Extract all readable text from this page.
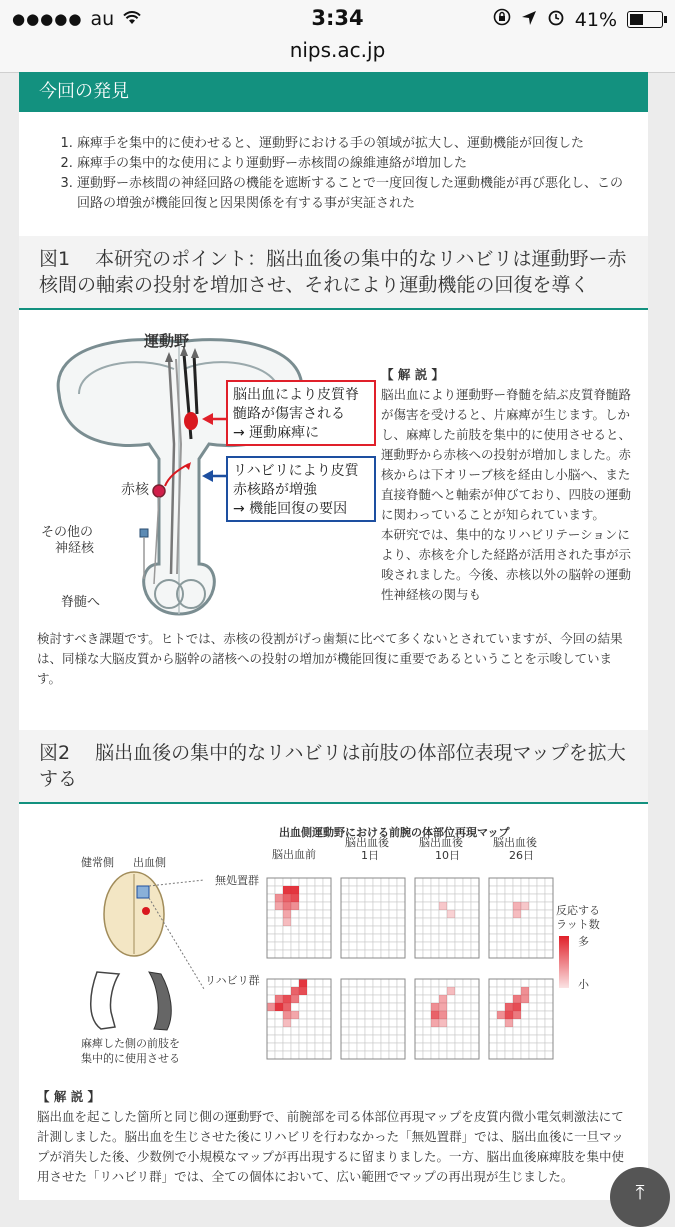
●●●●● au	3:34	41%
nips.ac.jp
今回の発見
1. 麻痺手を集中的に使わせると、運動野における手の領域が拡大し、運動機能が回復した
2. 麻痺手の集中的な使用により運動野ー赤核間の線維連絡が増加した
3. 運動野ー赤核間の神経回路の機能を遮断することで一度回復した運動機能が再び悪化し、この回路の増強が機能回復と因果関係を有する事が実証された
図1　 本研究のポイント：脳出血後の集中的なリハビリは運動野ー赤核間の軸索の投射を増加させ、それにより運動機能の回復を導く
運動野
脳出血により皮質脊
髄路が傷害される
→ 運動麻痺に
リハビリにより皮質
赤核路が増強
→ 機能回復の要因
赤核
その他の
神経核
脊髄へ
【 解 説 】
脳出血により運動野ー脊髄を結ぶ皮質脊髄路が傷害を受けると、片麻痺が生じます。しかし、麻痺した前肢を集中的に使用させると、運動野から赤核への投射が増加しました。赤核からは下オリーブ核を経由し小脳へ、また直接脊髄へと軸索が伸びており、四肢の運動に関わっていることが知られています。
本研究では、集中的なリハビリテーションにより、赤核を介した経路が活用された事が示唆されました。今後、赤核以外の脳幹の運動性神経核の関与も
検討すべき課題です。ヒトでは、赤核の役割がげっ歯類に比べて多くないとされていますが、今回の結果は、同様な大脳皮質から脳幹の諸核への投射の増加が機能回復に重要であるということを示唆しています。
図2　 脳出血後の集中的なリハビリは前肢の体部位表現マップを拡大する
出血側運動野における前腕の体部位再現マップ
健常側 出血側
無処置群
リハビリ群
麻痺した側の前肢を
集中的に使用させる
脳出血前
脳出血後
1日
脳出血後
10日
脳出血後
26日
反応する
ラット数
多
小
【 解 説 】
脳出血を起こした箇所と同じ側の運動野で、前腕部を司る体部位再現マップを皮質内微小電気刺激法にて計測しました。脳出血を生じさせた後にリハビリを行わなかった「無処置群」では、脳出血後に一旦マップが消失した後、少数例で小規模なマップが再出現するに留まりました。一方、脳出血後麻痺肢を集中使用させた「リハビリ群」では、全ての個体において、広い範囲でマップの再出現が生じました。
⤒
